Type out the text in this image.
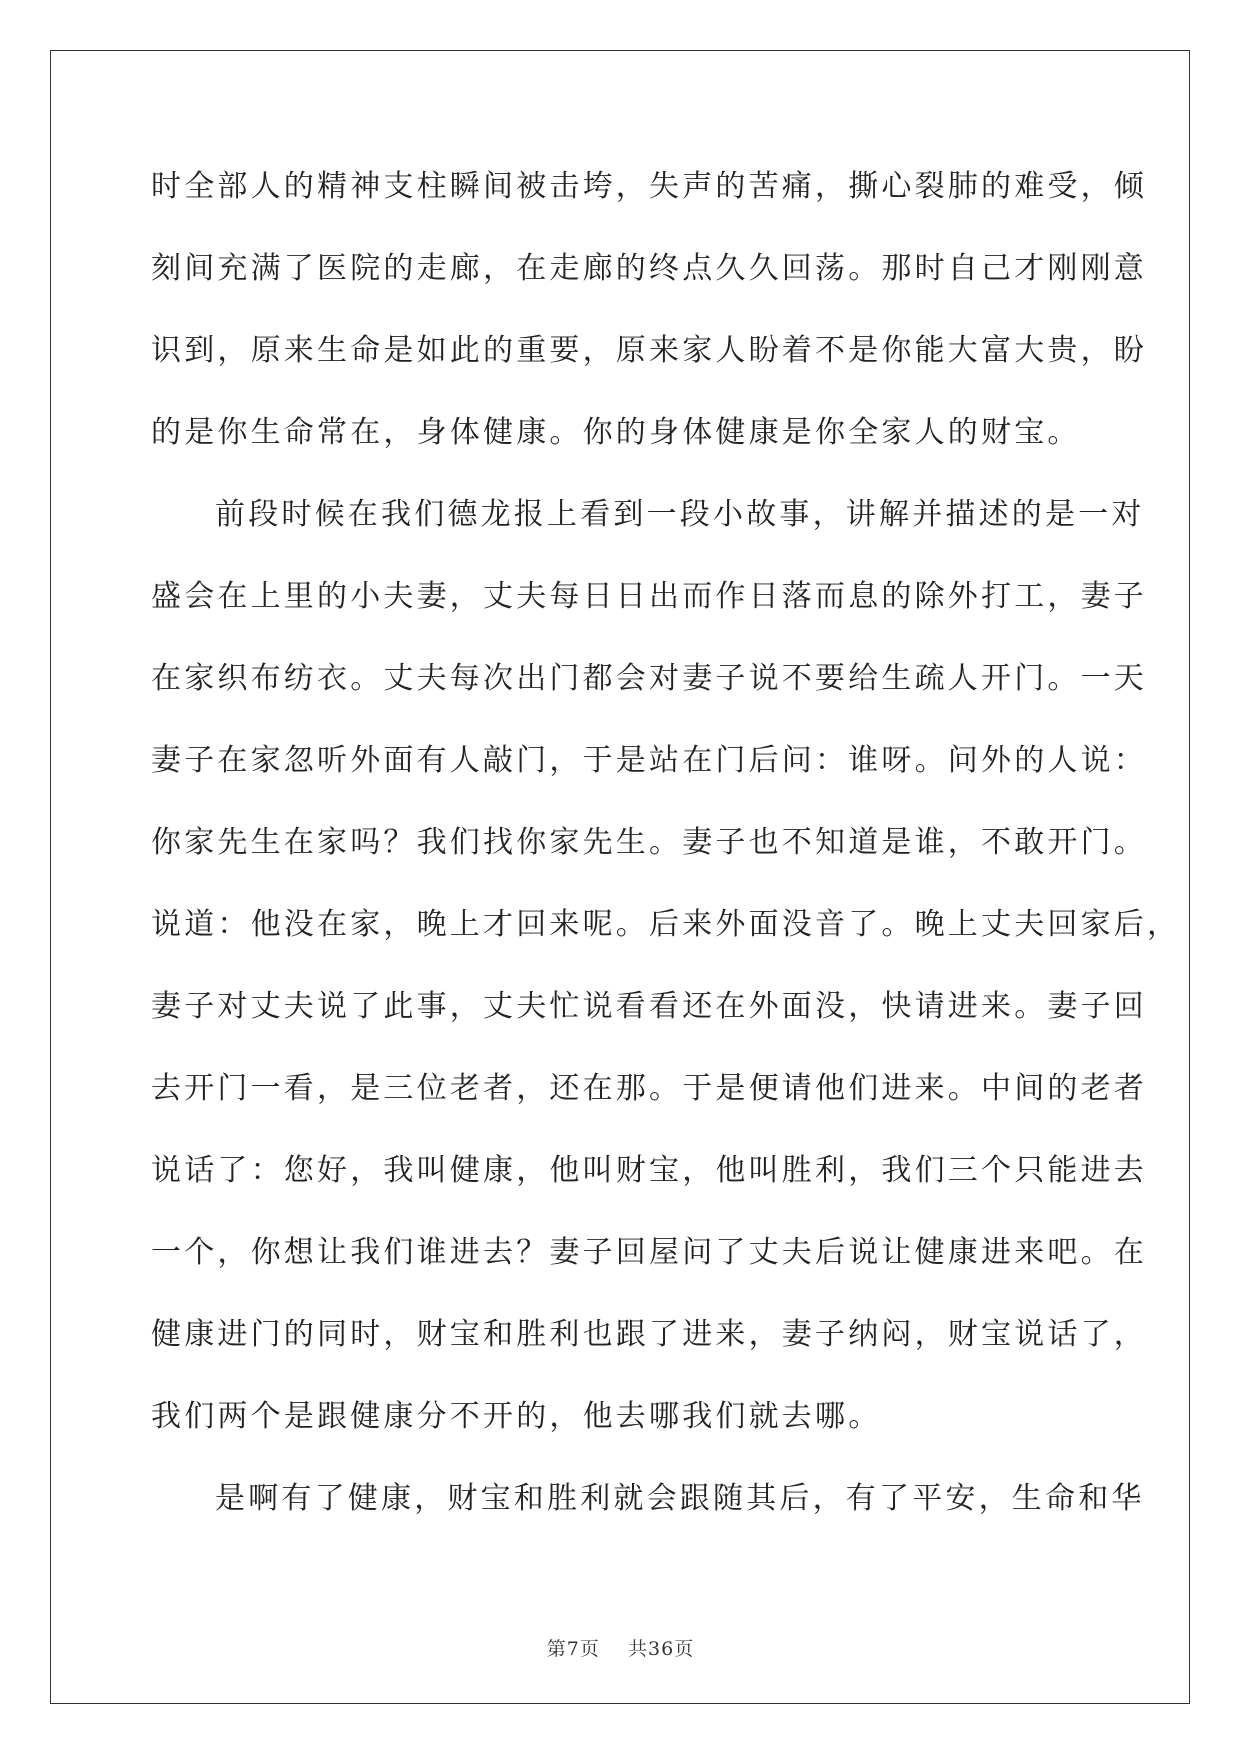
时全部人的精神支柱瞬间被击垮，失声的苦痛，撕心裂肺的难受，倾
刻间充满了医院的走廊，在走廊的终点久久回荡。那时自己才刚刚意
识到，原来生命是如此的重要，原来家人盼着不是你能大富大贵，盼
的是你生命常在，身体健康。你的身体健康是你全家人的财宝。
前段时候在我们德龙报上看到一段小故事，讲解并描述的是一对
盛会在上里的小夫妻，丈夫每日日出而作日落而息的除外打工，妻子
在家织布纺衣。丈夫每次出门都会对妻子说不要给生疏人开门。一天
妻子在家忽听外面有人敲门，于是站在门后问：谁呀。问外的人说：
你家先生在家吗？我们找你家先生。妻子也不知道是谁，不敢开门。
说道：他没在家，晚上才回来呢。后来外面没音了。晚上丈夫回家后，
妻子对丈夫说了此事，丈夫忙说看看还在外面没，快请进来。妻子回
去开门一看，是三位老者，还在那。于是便请他们进来。中间的老者
说话了：您好，我叫健康，他叫财宝，他叫胜利，我们三个只能进去
一个，你想让我们谁进去？妻子回屋问了丈夫后说让健康进来吧。在
健康进门的同时，财宝和胜利也跟了进来，妻子纳闷，财宝说话了，
我们两个是跟健康分不开的，他去哪我们就去哪。
是啊有了健康，财宝和胜利就会跟随其后，有了平安，生命和华
第7页 共36页
